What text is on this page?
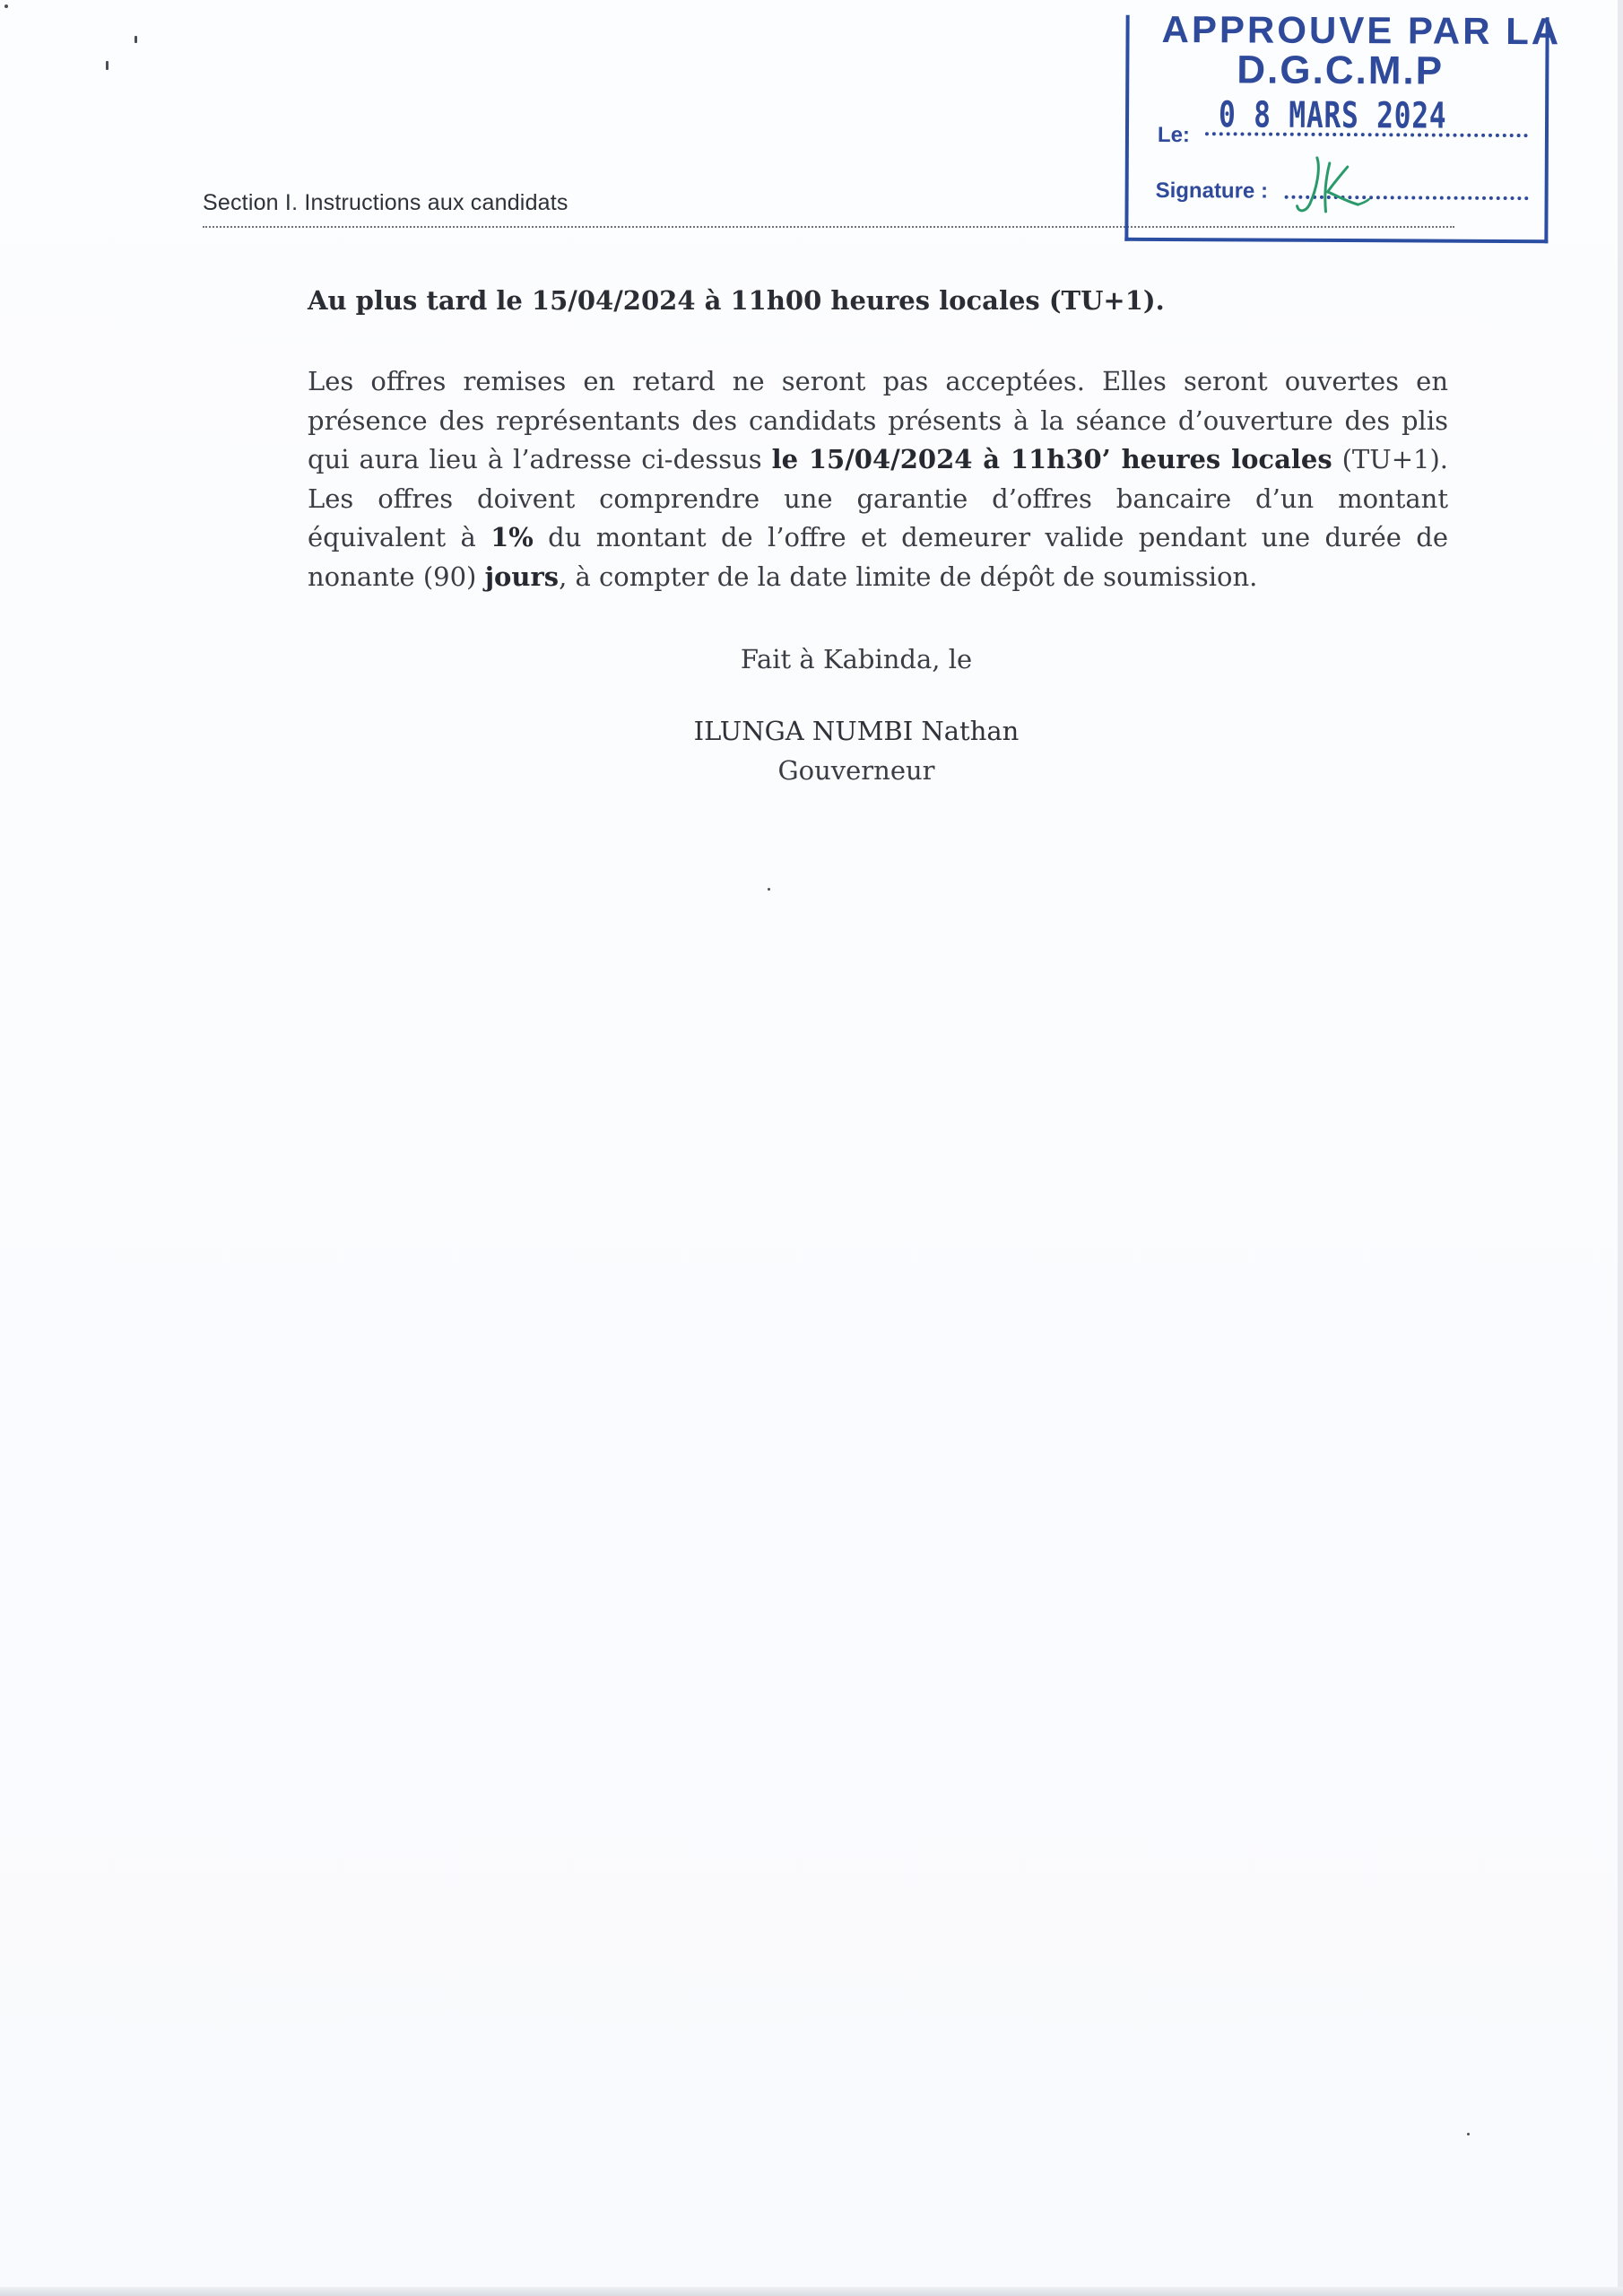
Section I. Instructions aux candidats
APPROUVE PAR LA
D.G.C.M.P
0 8 MARS 2024
Le:
Signature :
Au plus tard le 15/04/2024 à 11h00 heures locales (TU+1).
Les offres remises en retard ne seront pas acceptées. Elles seront ouvertes en présence des représentants des candidats présents à la séance d’ouverture des plis qui aura lieu à l’adresse ci-dessus le 15/04/2024 à 11h30’ heures locales (TU+1). Les offres doivent comprendre une garantie d’offres bancaire d’un montant équivalent à 1% du montant de l’offre et demeurer valide pendant une durée de nonante (90) jours, à compter de la date limite de dépôt de soumission.
Fait à Kabinda, le
ILUNGA NUMBI Nathan
Gouverneur
